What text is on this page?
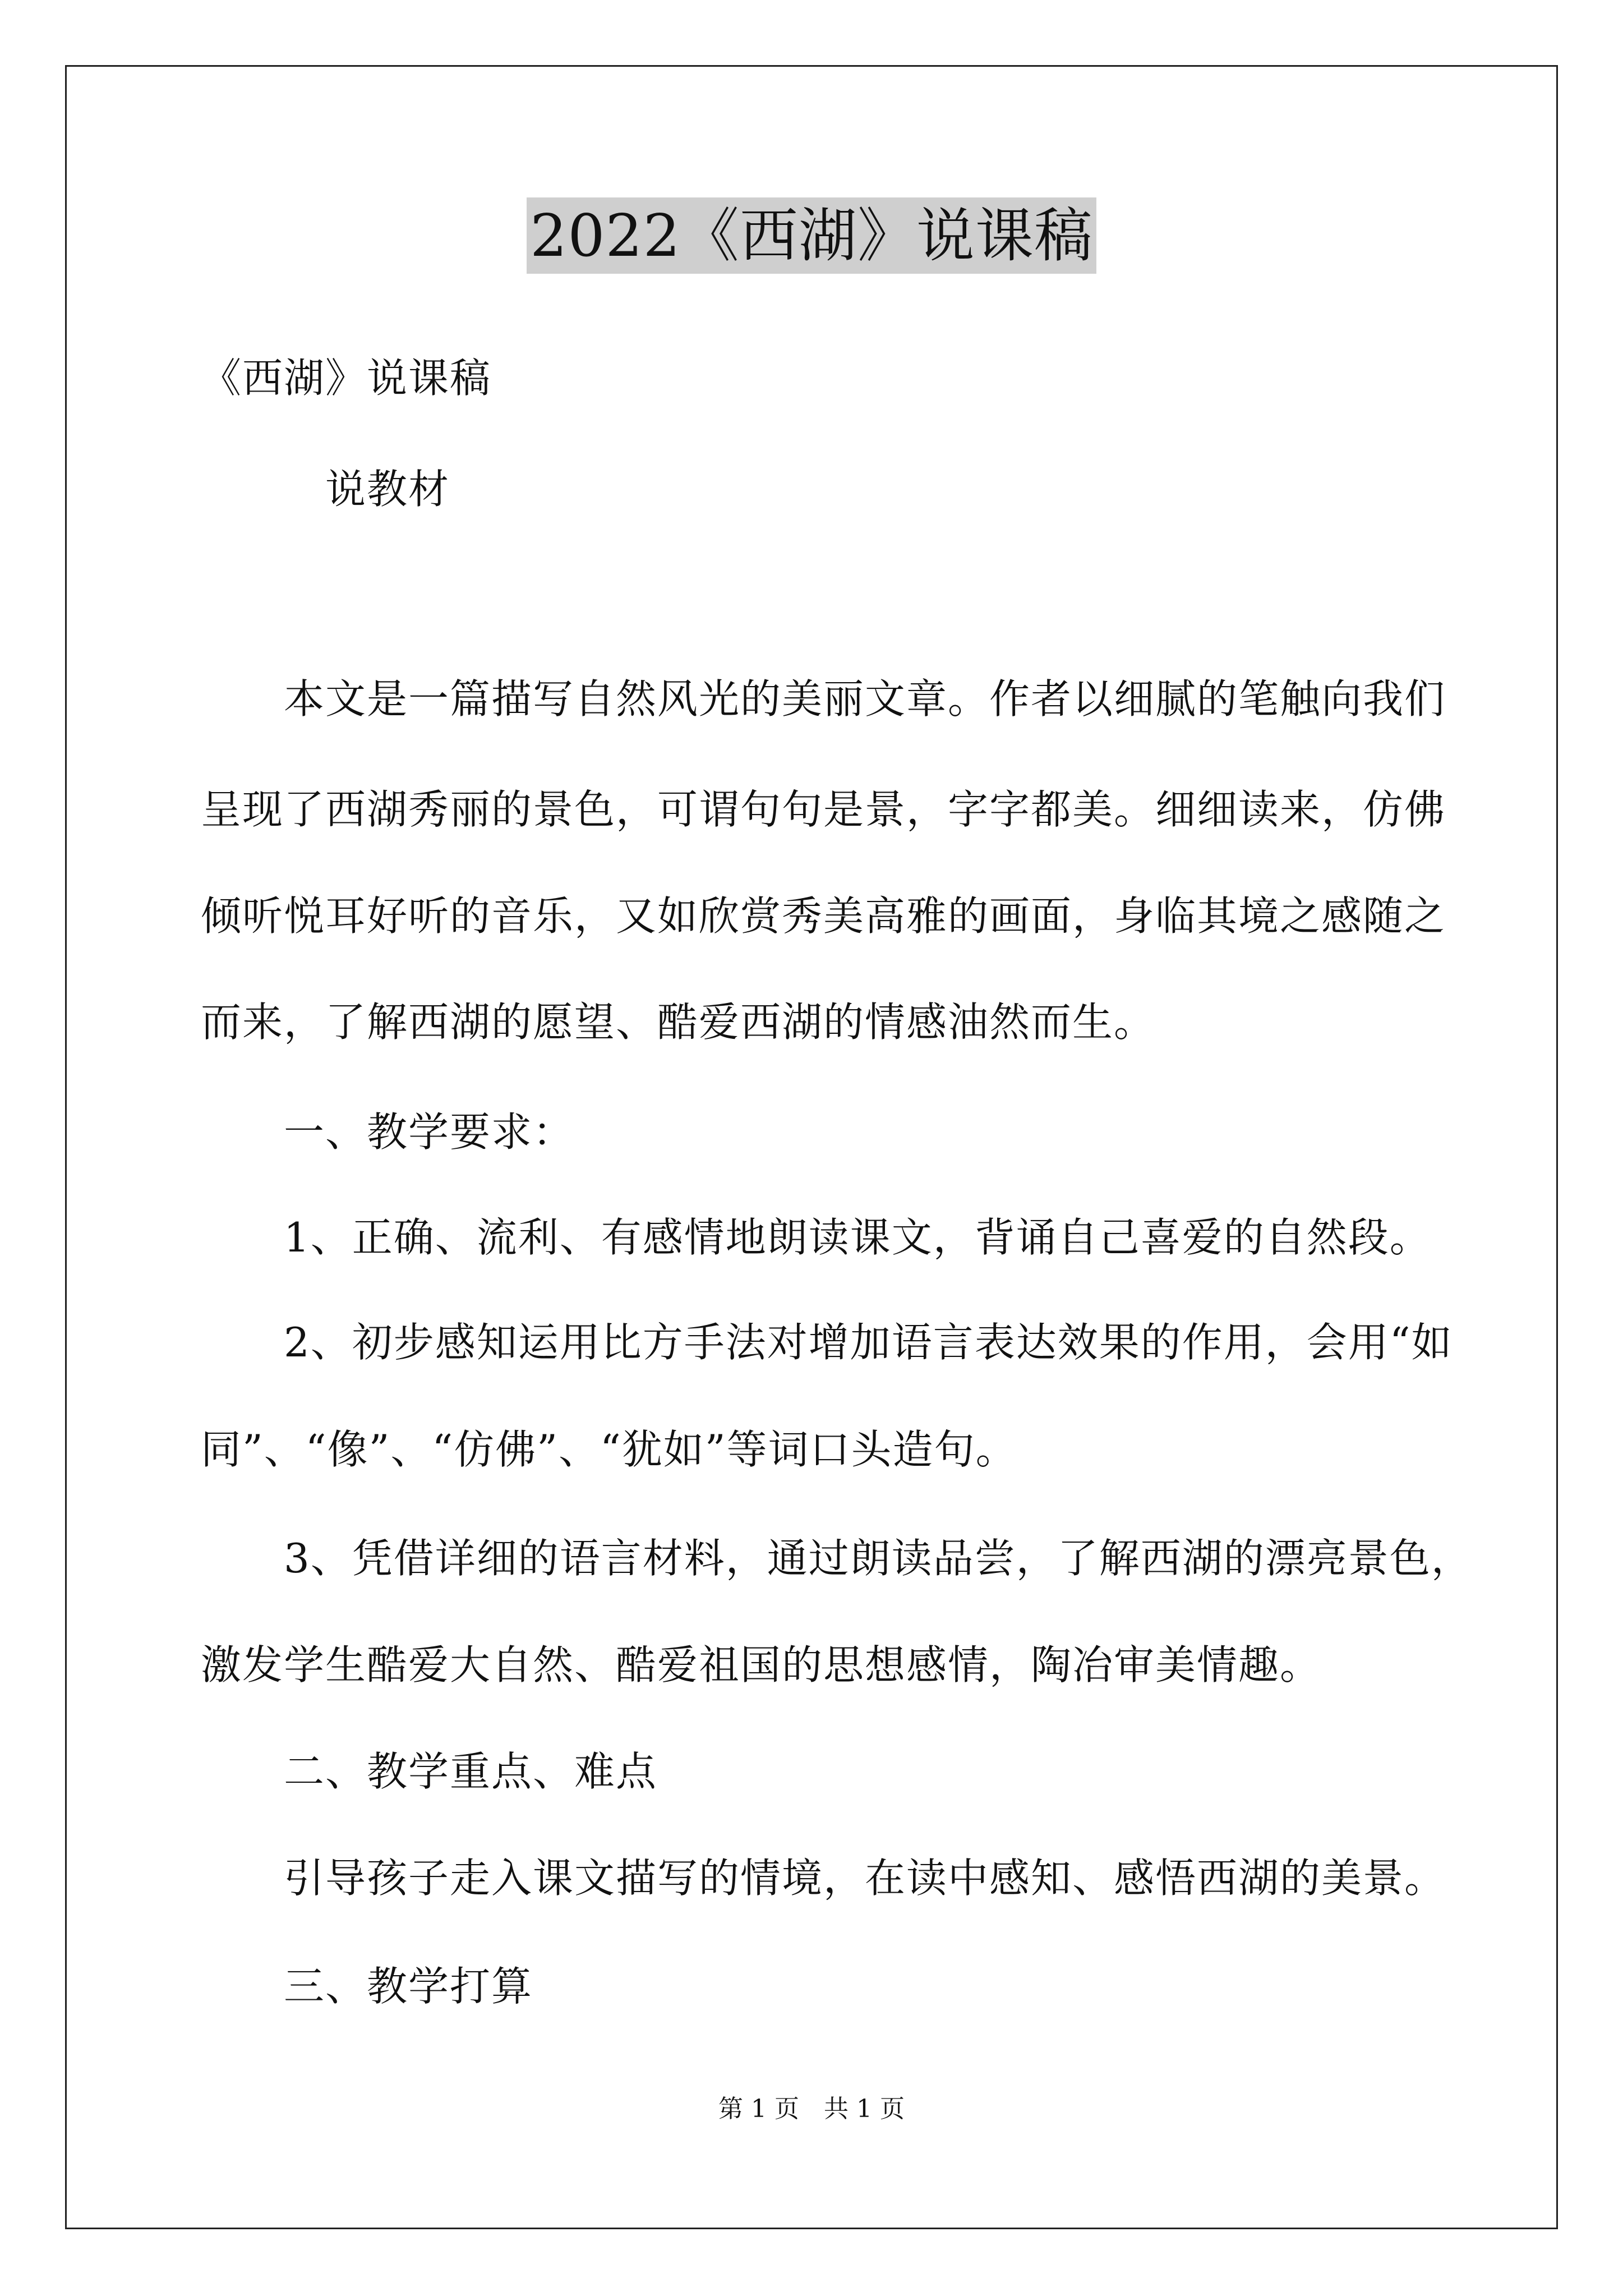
2022《西湖》说课稿
《西湖》说课稿
　　　说教材
　　本文是一篇描写自然风光的美丽文章。作者以细腻的笔触向我们
呈现了西湖秀丽的景色，可谓句句是景，字字都美。细细读来，仿佛
倾听悦耳好听的音乐，又如欣赏秀美高雅的画面，身临其境之感随之
而来，了解西湖的愿望、酷爱西湖的情感油然而生。
　　一、教学要求：
　　1、正确、流利、有感情地朗读课文，背诵自己喜爱的自然段。
　　2、初步感知运用比方手法对增加语言表达效果的作用，会用“如
同”、“像”、“仿佛”、“犹如”等词口头造句。
　　3、凭借详细的语言材料，通过朗读品尝，了解西湖的漂亮景色，
激发学生酷爱大自然、酷爱祖国的思想感情，陶冶审美情趣。
　　二、教学重点、难点
　　引导孩子走入课文描写的情境，在读中感知、感悟西湖的美景。
　　三、教学打算
第 1 页　共 1 页
